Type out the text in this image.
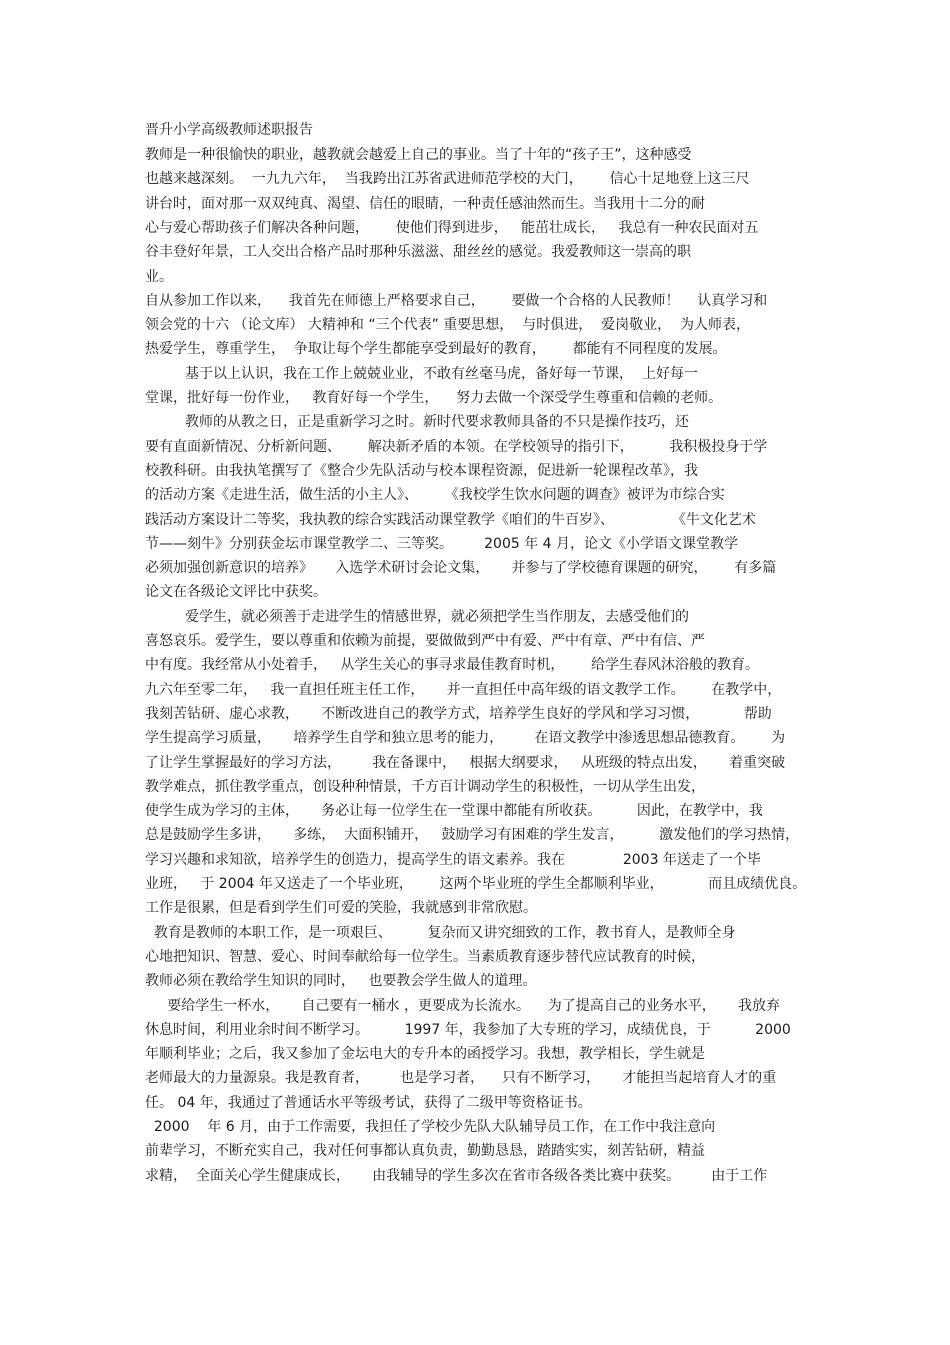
晋升小学高级教师述职报告

教师是一种很愉快的职业，越教就会越爱上自己的事业。当了十年的“孩子王”，这种感受

也越来越深刻。  一九九六年，  当我跨出江苏省武进师范学校的大门，      信心十足地登上这三尺

讲台时，面对那一双双纯真、渴望、信任的眼睛，一种责任感油然而生。当我用十二分的耐

心与爱心帮助孩子们解决各种问题，      使他们得到进步，   能茁壮成长，   我总有一种农民面对五

谷丰登好年景，工人交出合格产品时那种乐滋滋、甜丝丝的感觉。我爱教师这一崇高的职

业。

自从参加工作以来，    我首先在师德上严格要求自己，      要做一个合格的人民教师！    认真学习和

领会党的十六 （论文库） 大精神和 “三个代表” 重要思想，  与时俱进，  爱岗敬业，  为人师表，

热爱学生，尊重学生，  争取让每个学生都能享受到最好的教育，      都能有不同程度的发展。

基于以上认识，我在工作上兢兢业业，不敢有丝毫马虎，备好每一节课，  上好每一

堂课，批好每一份作业，   教育好每一个学生，    努力去做一个深受学生尊重和信赖的老师。

教师的从教之日，正是重新学习之时。新时代要求教师具备的不只是操作技巧，还

要有直面新情况、分析新问题、      解决新矛盾的本领。在学校领导的指引下，        我积极投身于学

校教科研。由我执笔撰写了《整合少先队活动与校本课程资源，促进新一轮课程改革》，我

的活动方案《走进生活，做生活的小主人》、      《我校学生饮水问题的调查》被评为市综合实

践活动方案设计二等奖，我执教的综合实践活动课堂教学《咱们的牛百岁》、             《牛文化艺术

节——刻牛》分别获金坛市课堂教学二、三等奖。       2005 年 4 月，论文《小学语文课堂教学

必须加强创新意识的培养》     入选学术研讨会论文集，     并参与了学校德育课题的研究，      有多篇

论文在各级论文评比中获奖。

爱学生，就必须善于走进学生的情感世界，就必须把学生当作朋友，去感受他们的

喜怒哀乐。爱学生，要以尊重和依赖为前提，要做做到严中有爱、严中有章、严中有信、严

中有度。我经常从小处着手，   从学生关心的事寻求最佳教育时机，      给学生春风沐浴般的教育。

九六年至零二年，   我一直担任班主任工作，     并一直担任中高年级的语文教学工作。      在教学中，

我刻苦钻研、虚心求教，     不断改进自己的教学方式，培养学生良好的学风和学习习惯，          帮助

学生提高学习质量，     培养学生自学和独立思考的能力，       在语文教学中渗透思想品德教育。      为

了让学生掌握最好的学习方法，       我在备课中，   根据大纲要求，   从班级的特点出发，     着重突破

教学难点，抓住教学重点，创设种种情景，千方百计调动学生的积极性，一切从学生出发，

使学生成为学习的主体，     务必让每一位学生在一堂课中都能有所收获。        因此，在教学中，我

总是鼓励学生多讲，     多练，  大面积铺开，   鼓励学习有困难的学生发言，        激发他们的学习热情，

学习兴趣和求知欲，培养学生的创造力，提高学生的语文素养。我在             2003 年送走了一个毕

业班，   于 2004 年又送走了一个毕业班，      这两个毕业班的学生全都顺利毕业，          而且成绩优良。

工作是很累，但是看到学生们可爱的笑脸，我就感到非常欣慰。

教育是教师的本职工作，是一项艰巨、        复杂而又讲究细致的工作，教书育人，是教师全身

心地把知识、智慧、爱心、时间奉献给每一位学生。当素质教育逐步替代应试教育的时候，

教师必须在教给学生知识的同时，   也要教会学生做人的道理。

要给学生一杯水，     自己要有一桶水 ，更要成为长流水。    为了提高自己的业务水平，     我放弃

休息时间，利用业余时间不断学习。        1997 年，我参加了大专班的学习，成绩优良，于          2000

年顺利毕业；之后，我又参加了金坛电大的专升本的函授学习。我想，教学相长，学生就是

老师最大的力量源泉。我是教育者，       也是学习者，    只有不断学习，     才能担当起培育人才的重

任。 04 年，我通过了普通话水平等级考试，获得了二级甲等资格证书。

2000    年 6 月，由于工作需要，我担任了学校少先队大队辅导员工作，在工作中我注意向

前辈学习，不断充实自己，我对任何事都认真负责，勤勤恳恳，踏踏实实，刻苦钻研，精益

求精，  全面关心学生健康成长，     由我辅导的学生多次在省市各级各类比赛中获奖。       由于工作
